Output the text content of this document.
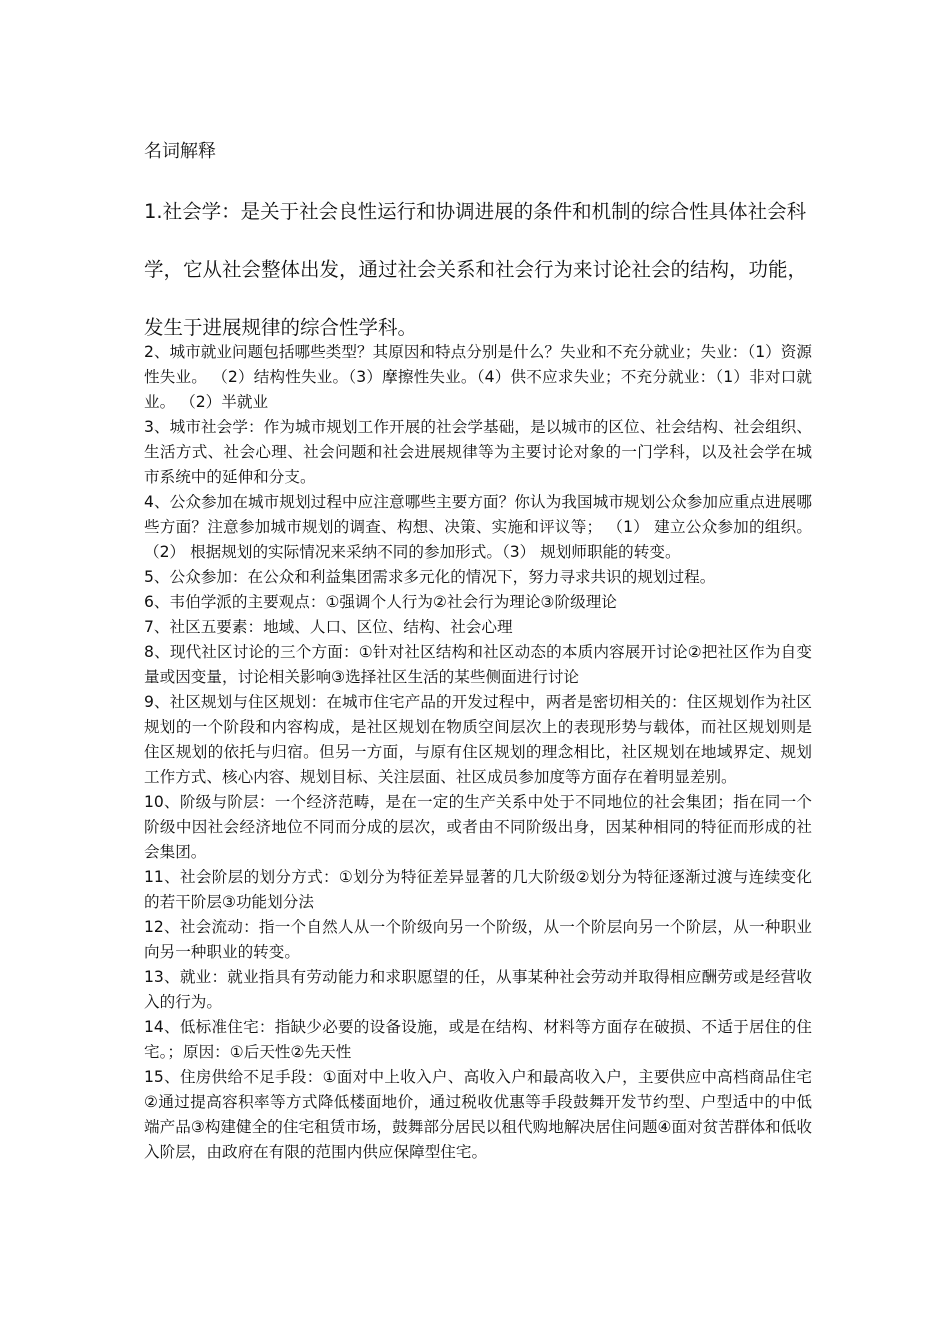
名词解释
1.社会学：是关于社会良性运行和协调进展的条件和机制的综合性具体社会科
学，它从社会整体出发，通过社会关系和社会行为来讨论社会的结构，功能，
发生于进展规律的综合性学科。

2、城市就业问题包括哪些类型？其原因和特点分别是什么？失业和不充分就业；失业：（1）资源性失业。 （2）结构性失业。（3）摩擦性失业。（4）供不应求失业；不充分就业：（1）非对口就业。 （2）半就业

3、城市社会学：作为城市规划工作开展的社会学基础，是以城市的区位、社会结构、社会组织、生活方式、社会心理、社会问题和社会进展规律等为主要讨论对象的一门学科，以及社会学在城市系统中的延伸和分支。

4、公众参加在城市规划过程中应注意哪些主要方面？你认为我国城市规划公众参加应重点进展哪些方面？注意参加城市规划的调查、构想、决策、实施和评议等； （1） 建立公众参加的组织。（2） 根据规划的实际情况来采纳不同的参加形式。（3） 规划师职能的转变。

5、公众参加：在公众和利益集团需求多元化的情况下，努力寻求共识的规划过程。

6、韦伯学派的主要观点：①强调个人行为②社会行为理论③阶级理论

7、社区五要素：地域、人口、区位、结构、社会心理

8、现代社区讨论的三个方面：①针对社区结构和社区动态的本质内容展开讨论②把社区作为自变量或因变量，讨论相关影响③选择社区生活的某些侧面进行讨论

9、社区规划与住区规划：在城市住宅产品的开发过程中，两者是密切相关的：住区规划作为社区规划的一个阶段和内容构成，是社区规划在物质空间层次上的表现形势与载体，而社区规划则是住区规划的依托与归宿。但另一方面，与原有住区规划的理念相比，社区规划在地域界定、规划工作方式、核心内容、规划目标、关注层面、社区成员参加度等方面存在着明显差别。

10、阶级与阶层：一个经济范畴，是在一定的生产关系中处于不同地位的社会集团；指在同一个阶级中因社会经济地位不同而分成的层次，或者由不同阶级出身，因某种相同的特征而形成的社会集团。

11、社会阶层的划分方式：①划分为特征差异显著的几大阶级②划分为特征逐渐过渡与连续变化的若干阶层③功能划分法

12、社会流动：指一个自然人从一个阶级向另一个阶级，从一个阶层向另一个阶层，从一种职业向另一种职业的转变。

13、就业：就业指具有劳动能力和求职愿望的任，从事某种社会劳动并取得相应酬劳或是经营收入的行为。

14、低标准住宅：指缺少必要的设备设施，或是在结构、材料等方面存在破损、不适于居住的住宅。；原因：①后天性②先天性

15、住房供给不足手段：①面对中上收入户、高收入户和最高收入户，主要供应中高档商品住宅②通过提高容积率等方式降低楼面地价，通过税收优惠等手段鼓舞开发节约型、户型适中的中低端产品③构建健全的住宅租赁市场，鼓舞部分居民以租代购地解决居住问题④面对贫苦群体和低收入阶层，由政府在有限的范围内供应保障型住宅。
